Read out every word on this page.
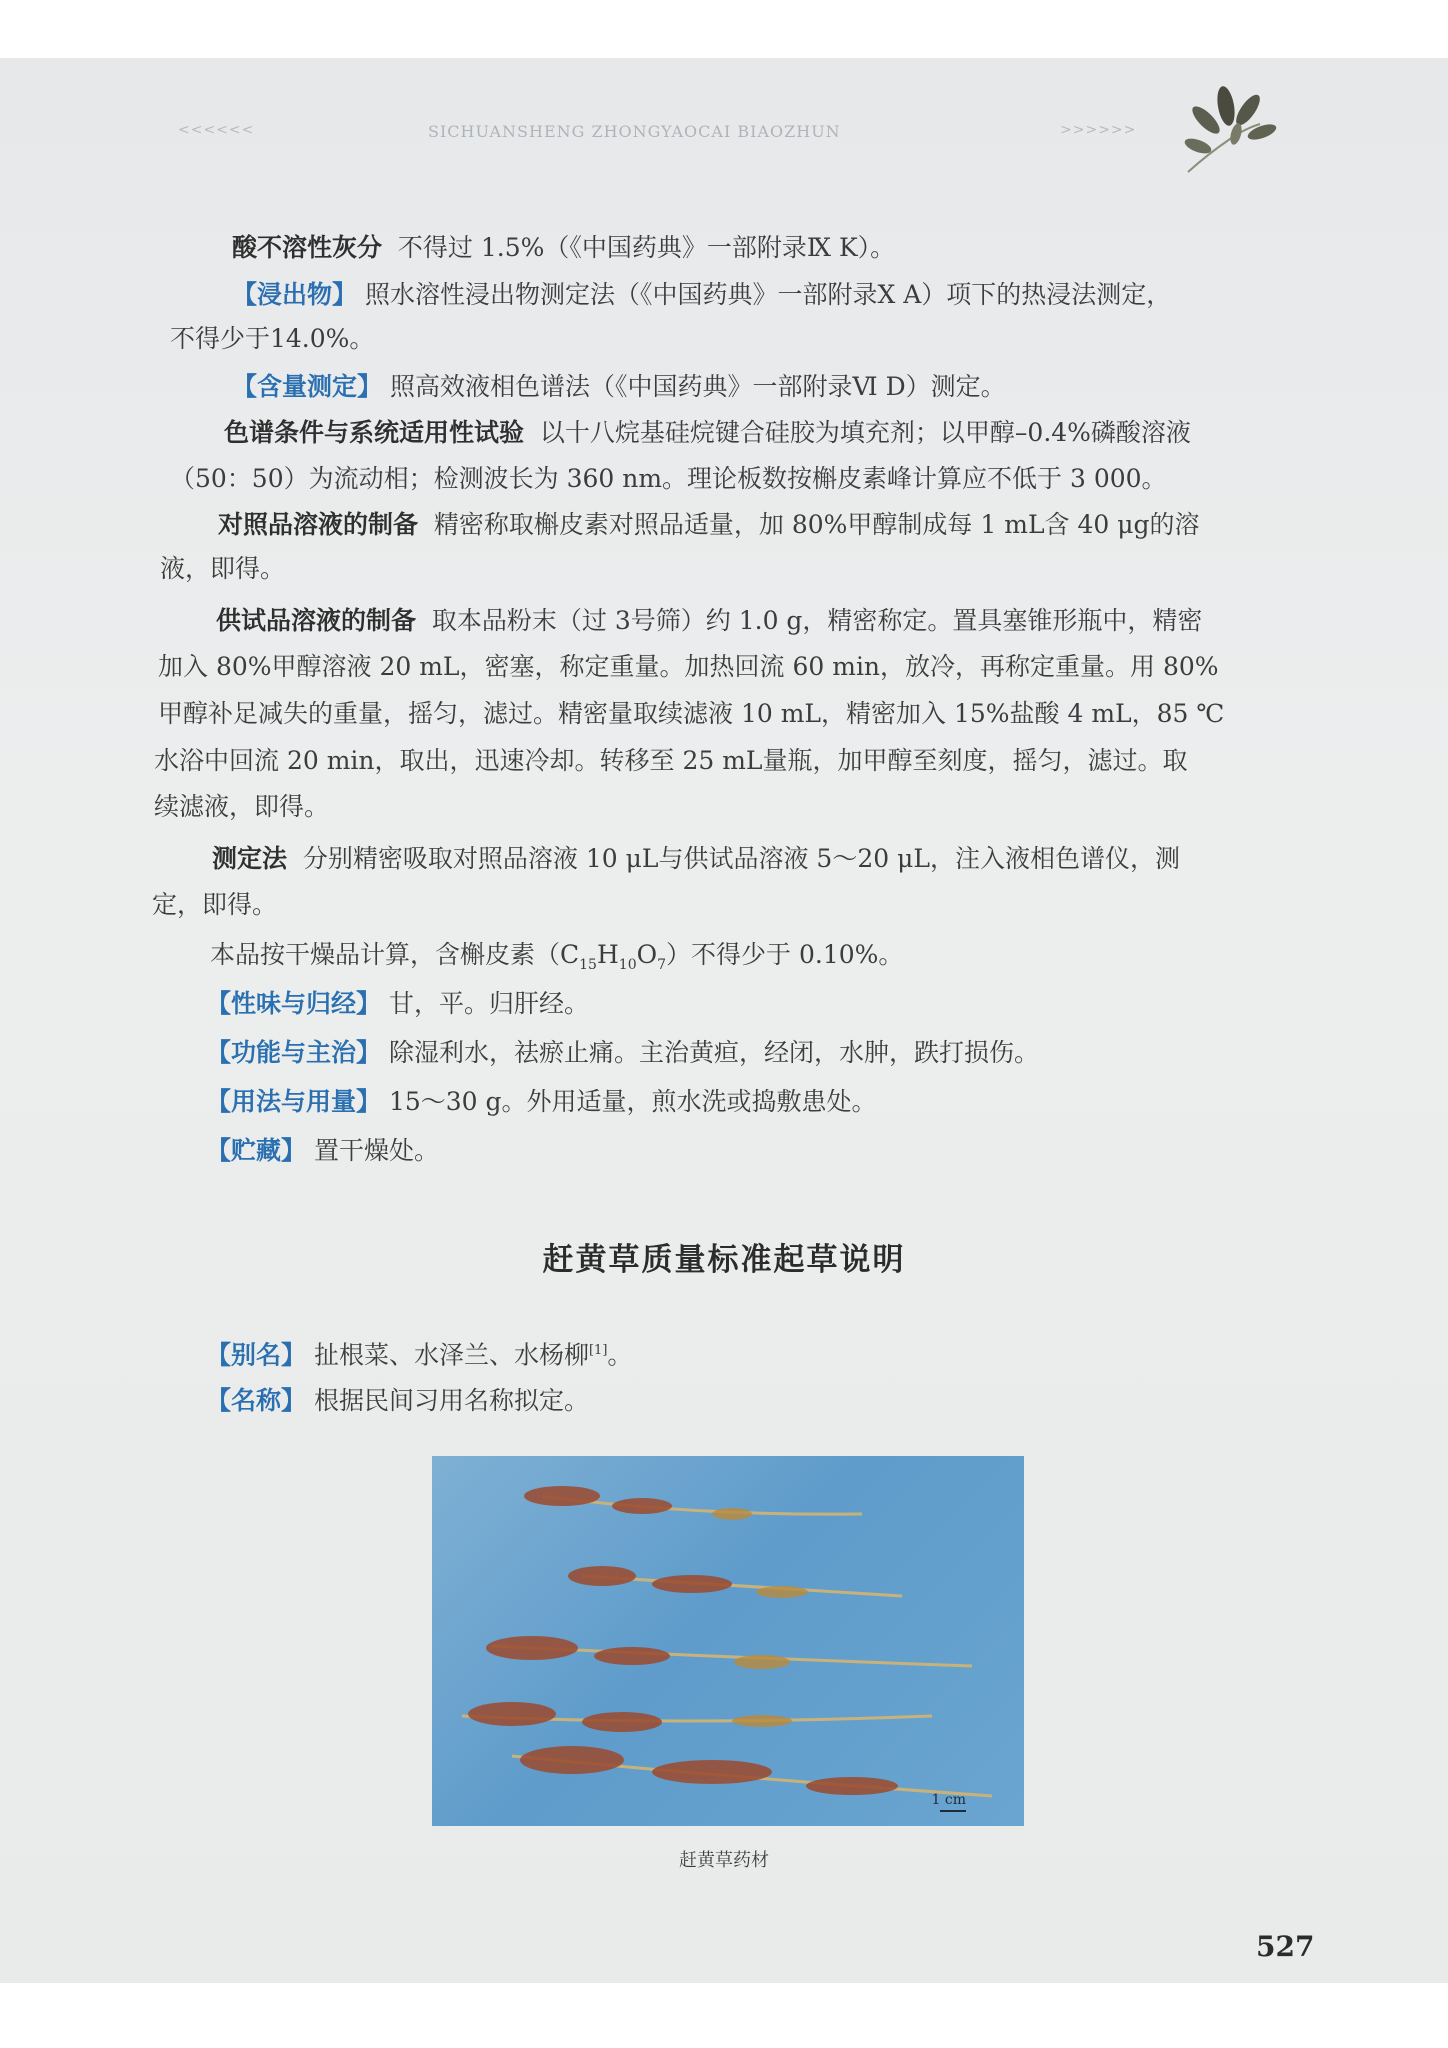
<<<<<<	SICHUANSHENG ZHONGYAOCAI BIAOZHUN	>>>>>>
酸不溶性灰分 不得过 1.5%（《中国药典》一部附录Ⅸ K）。
【浸出物】 照水溶性浸出物测定法（《中国药典》一部附录Ⅹ A）项下的热浸法测定，
不得少于14.0%。
【含量测定】 照高效液相色谱法（《中国药典》一部附录Ⅵ D）测定。
色谱条件与系统适用性试验 以十八烷基硅烷键合硅胶为填充剂；以甲醇–0.4%磷酸溶液
（50：50）为流动相；检测波长为 360 nm。理论板数按槲皮素峰计算应不低于 3 000。
对照品溶液的制备 精密称取槲皮素对照品适量，加 80%甲醇制成每 1 mL含 40 μg的溶
液，即得。
供试品溶液的制备 取本品粉末（过 3号筛）约 1.0 g，精密称定。置具塞锥形瓶中，精密
加入 80%甲醇溶液 20 mL，密塞，称定重量。加热回流 60 min，放冷，再称定重量。用 80%
甲醇补足减失的重量，摇匀，滤过。精密量取续滤液 10 mL，精密加入 15%盐酸 4 mL，85 ℃
水浴中回流 20 min，取出，迅速冷却。转移至 25 mL量瓶，加甲醇至刻度，摇匀，滤过。取
续滤液，即得。
测定法 分别精密吸取对照品溶液 10 μL与供试品溶液 5～20 μL，注入液相色谱仪，测
定，即得。
本品按干燥品计算，含槲皮素$(C_{15}H_{10}O_7)$不得少于 0.10%。
【性味与归经】 甘，平。归肝经。
【功能与主治】 除湿利水，祛瘀止痛。主治黄疸，经闭，水肿，跌打损伤。
【用法与用量】 15～30 g。外用适量，煎水洗或捣敷患处。
【贮藏】 置干燥处。
赶黄草质量标准起草说明
【别名】 扯根菜、水泽兰、水杨柳[1]。
【名称】 根据民间习用名称拟定。
1 cm
赶黄草药材
527
